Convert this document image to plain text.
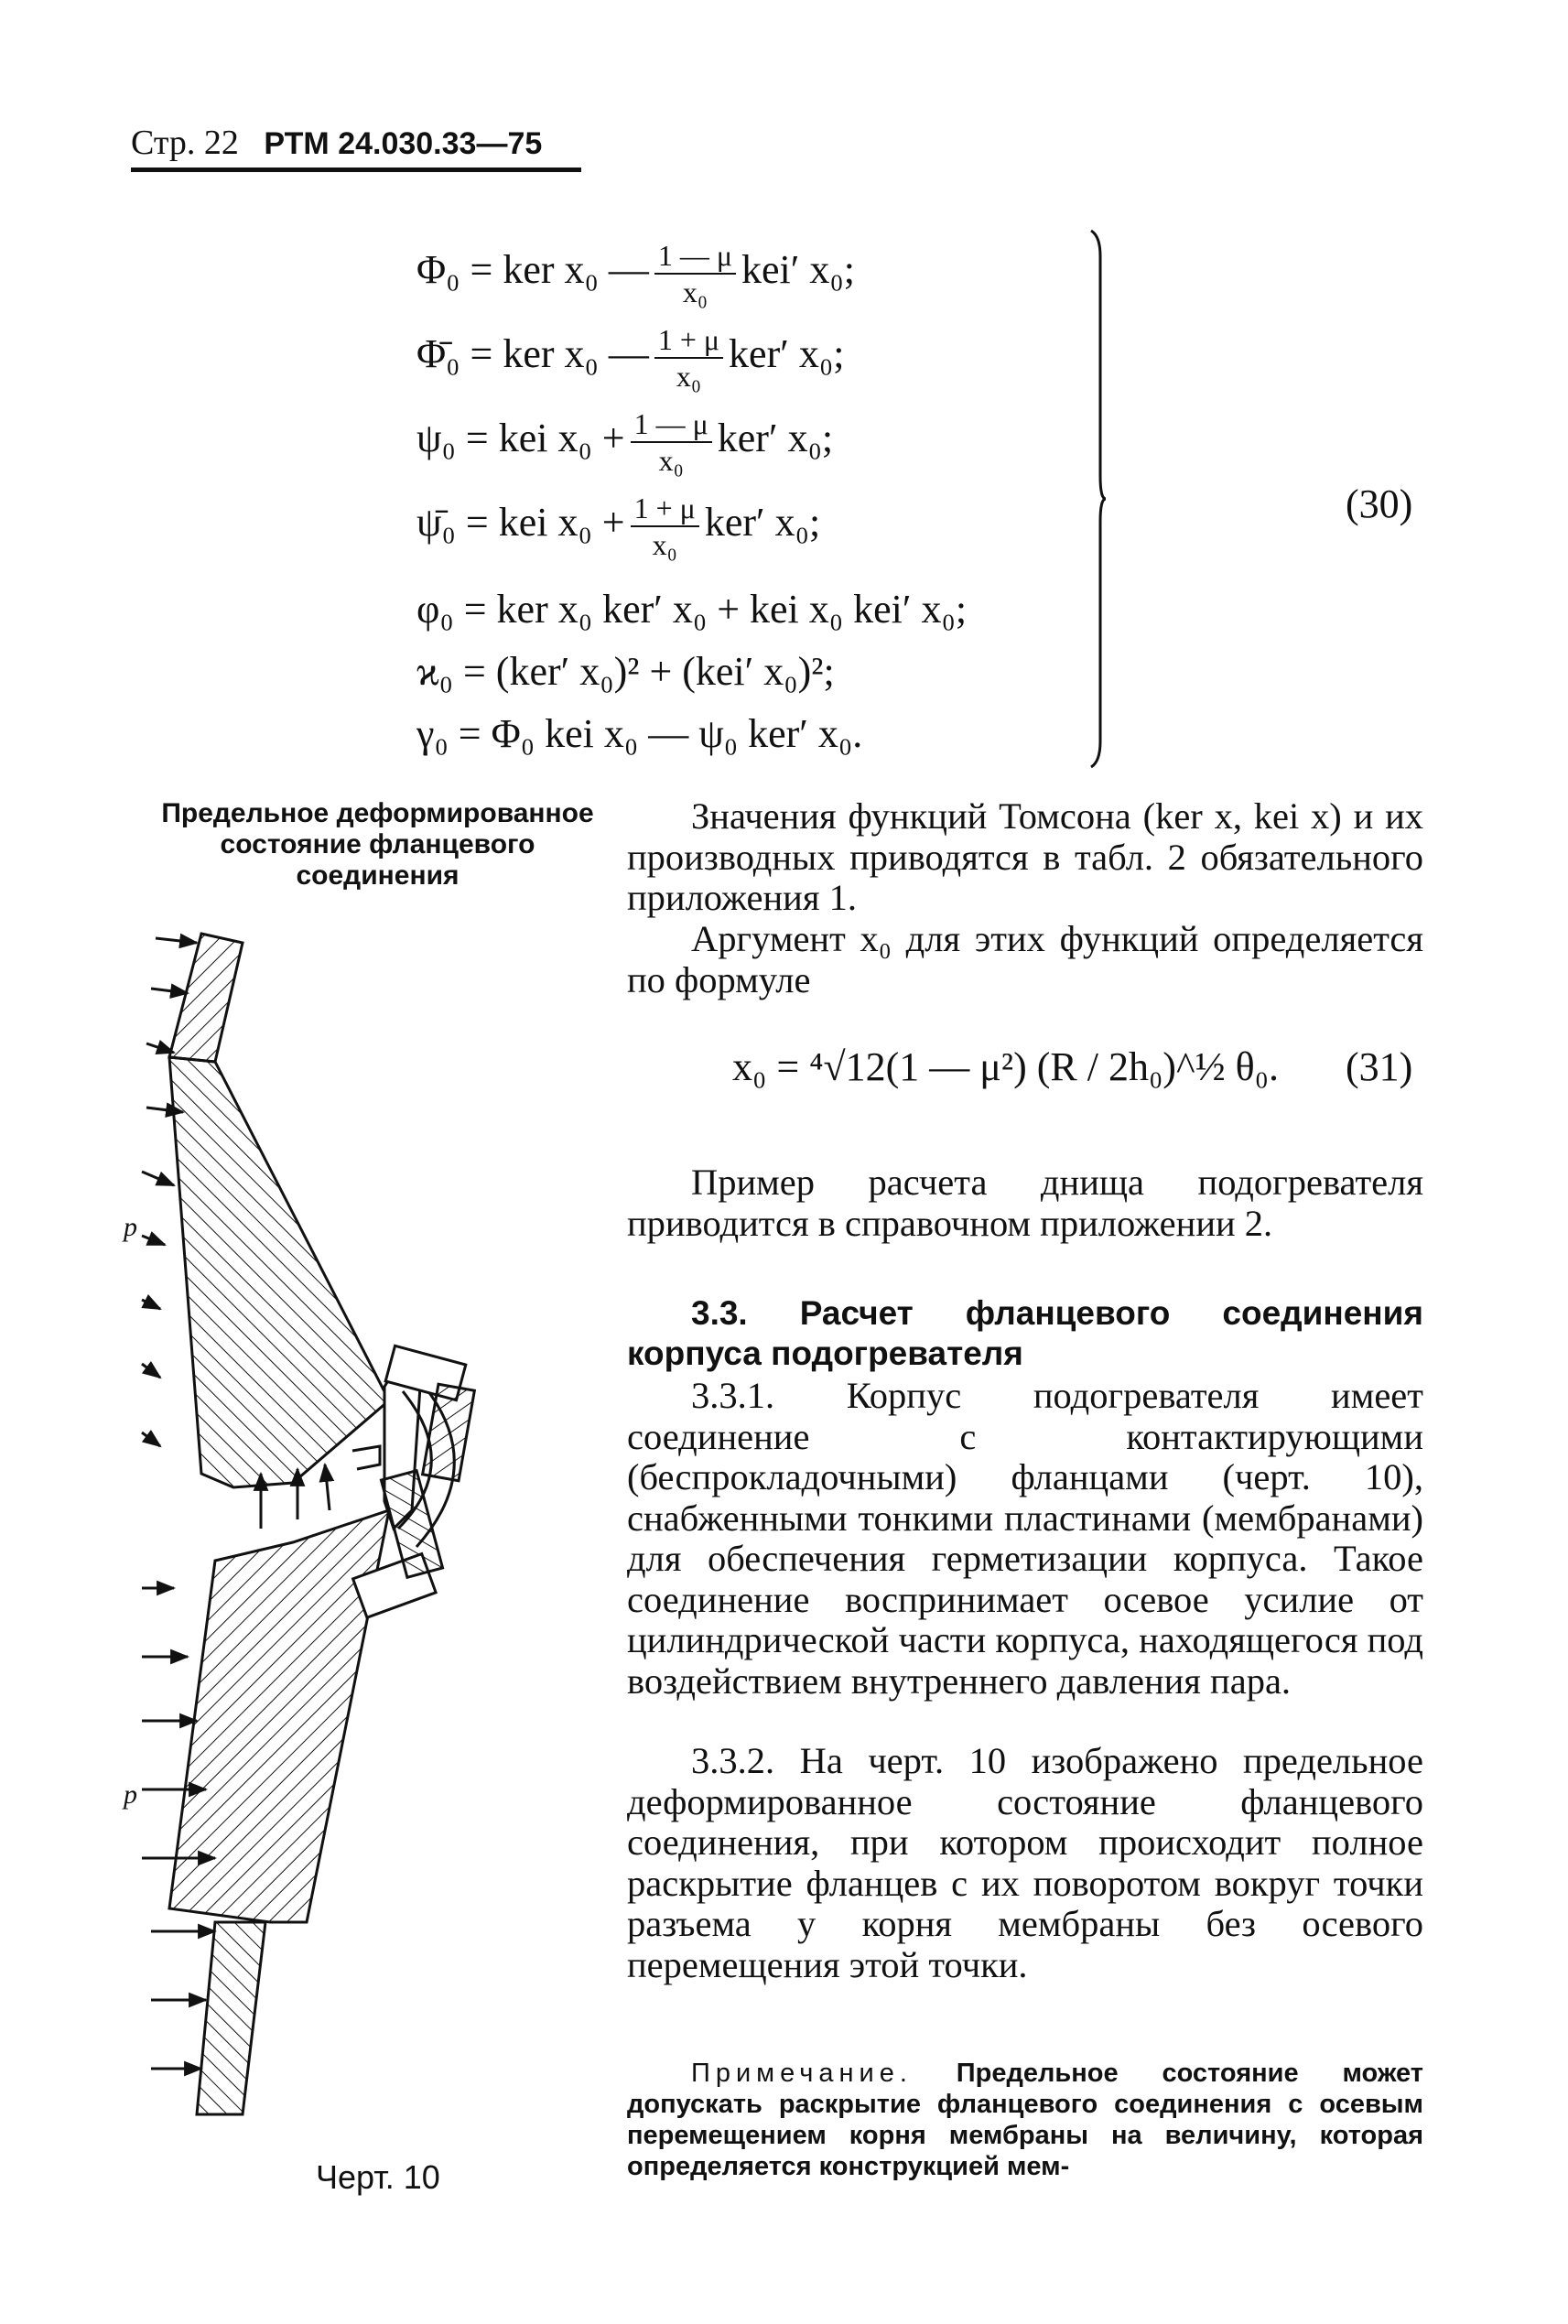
Стр. 22 РТМ 24.030.33—75
Φ₀ = ker x₀ — $\frac{1 — \mu}{\text{x₀}} kei'$ x₀;
Φ̄₀ = ker x₀ — $\frac{1 + \mu}{\text{x₀}} ker'$ x₀;
ψ₀ = kei $x_0 + \frac{1 — \mu}{\text{x₀}} ker'$ x₀;
ψ̄₀ = kei $x_0 + \frac{1 + \mu}{\text{x₀}} ker'$ x₀;
φ₀ = ker x₀ ker′ x₀ + kei x₀ kei′ x₀;
ϰ₀ = (ker′ x₀)² + (kei′ x₀)²;
γ₀ = Φ₀ kei x₀ — ψ₀ ker′ x₀.
(30)
Предельное деформированное состояние фланцевого соединения
p
p
Черт. 10
Значения функций Томсона (ker x, kei x) и их производных приводятся в табл. 2 обязательного приложения 1.
Аргумент x₀ для этих функций определяется по формуле
x₀ = ⁴√12(1 — μ²) (R / 2h₀)^½ θ₀. (31)
Пример расчета днища подогревателя приводится в справочном приложении 2.
3.3. Расчет фланцевого соединения корпуса подогревателя
3.3.1. Корпус подогревателя имеет соединение с контактирующими (беспрокладочными) фланцами (черт. 10), снабженными тонкими пластинами (мембранами) для обеспечения герметизации корпуса. Такое соединение воспринимает осевое усилие от цилиндрической части корпуса, находящегося под воздействием внутреннего давления пара.
3.3.2. На черт. 10 изображено предельное деформированное состояние фланцевого соединения, при котором происходит полное раскрытие фланцев с их поворотом вокруг точки разъема у корня мембраны без осевого перемещения этой точки.
Примечание. Предельное состояние может допускать раскрытие фланцевого соединения с осевым перемещением корня мембраны на величину, которая определяется конструкцией мем-
